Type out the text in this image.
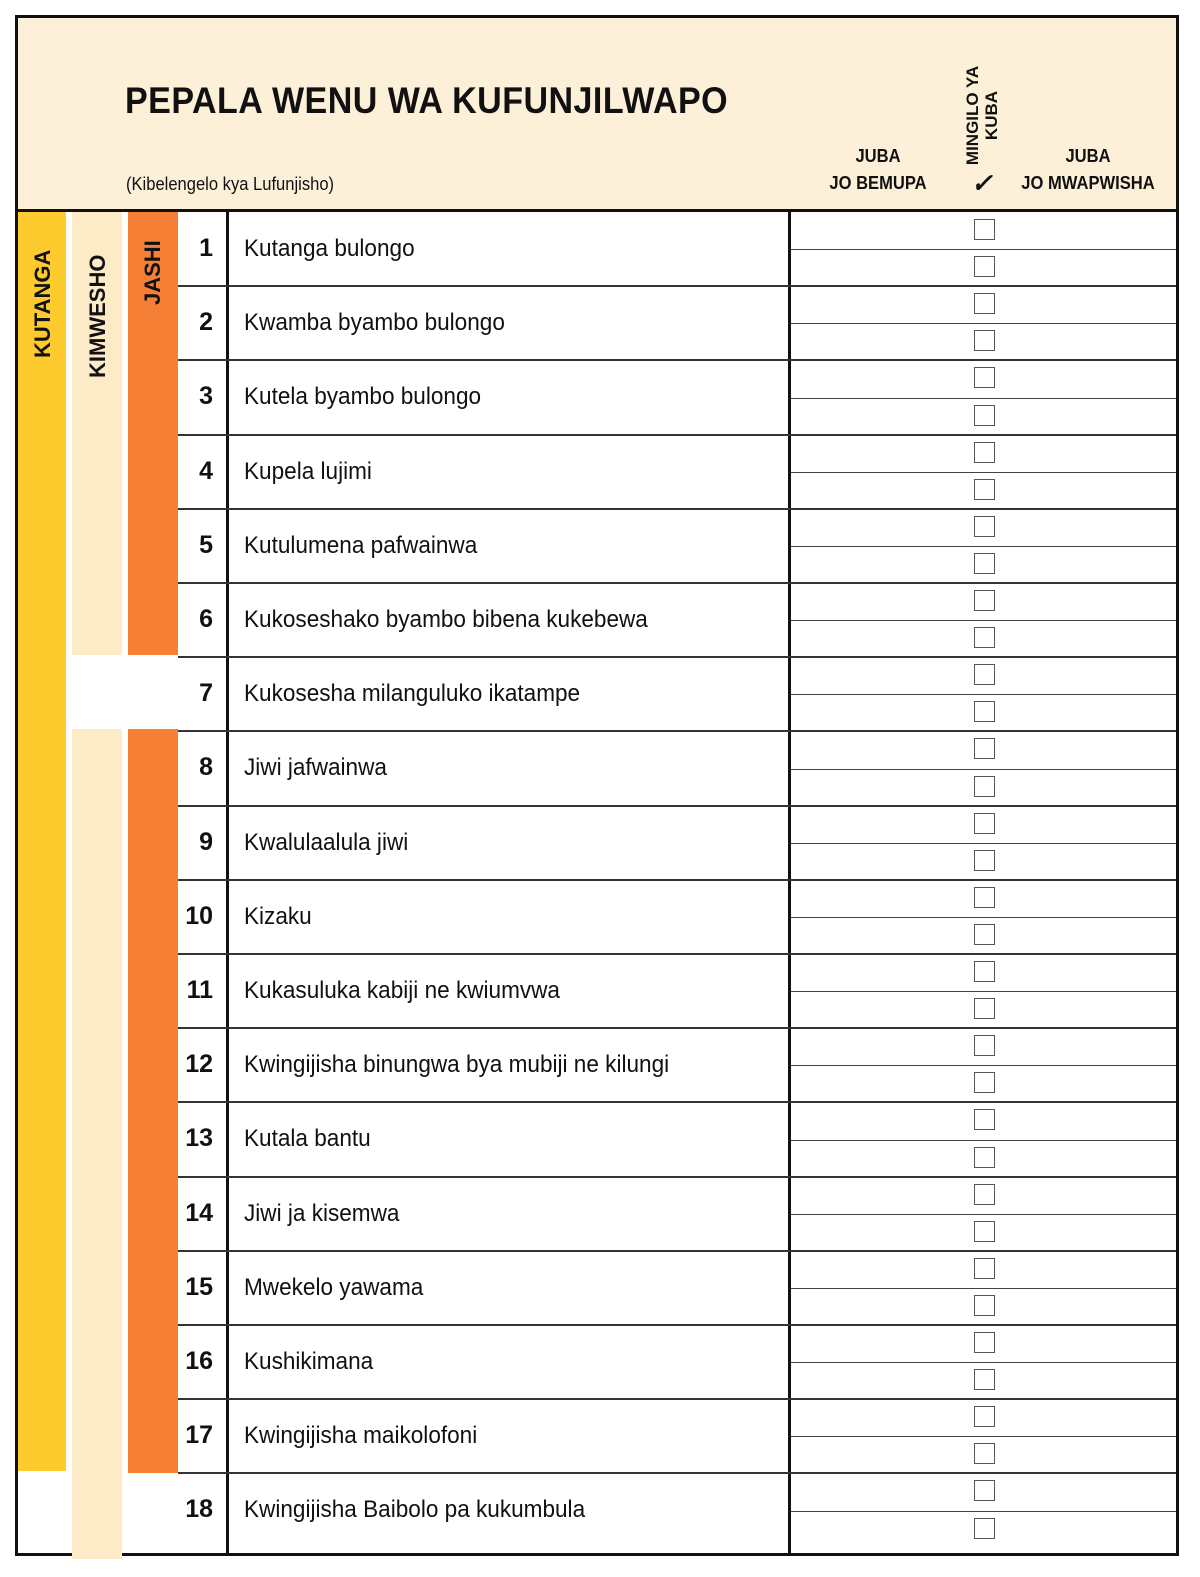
PEPALA WENU WA KUFUNJILWAPO
(Kibelengelo kya Lufunjisho)
JUBA
JO BEMUPA
MINGILO YA KUBA
✓
JUBA
JO MWAPWISHA
KUTANGA KIMWESHO JASHI	1 Kutanga bulongo
2 Kwamba byambo bulongo
3 Kutela byambo bulongo
4 Kupela lujimi
5 Kutulumena pafwainwa
6 Kukoseshako byambo bibena kukebewa
7 Kukosesha milanguluko ikatampe
8 Jiwi jafwainwa
9 Kwalulaalula jiwi
10 Kizaku
11 Kukasuluka kabiji ne kwiumvwa
12 Kwingijisha binungwa bya mubiji ne kilungi
13 Kutala bantu
14 Jiwi ja kisemwa
15 Mwekelo yawama
16 Kushikimana
17 Kwingijisha maikolofoni
18 Kwingijisha Baibolo pa kukumbula
